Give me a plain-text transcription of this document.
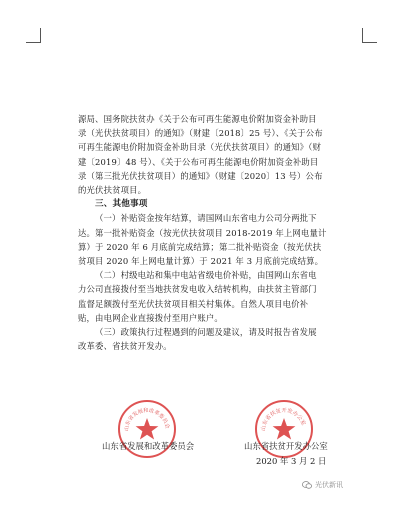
源局、国务院扶贫办《关于公布可再生能源电价附加资金补助目

录（光伏扶贫项目）的通知》（财建〔2018〕25 号）、《关于公布

可再生能源电价附加资金补助目录（光伏扶贫项目）的通知》（财

建〔2019〕48 号）、《关于公布可再生能源电价附加资金补助目

录（第三批光伏扶贫项目）的通知》（财建〔2020〕13 号）公布

的光伏扶贫项目。

三、其他事项

（一）补贴资金按年结算，请国网山东省电力公司分两批下

达。第一批补贴资金（按光伏扶贫项目 2018-2019 年上网电量计

算）于 2020 年 6 月底前完成结算；第二批补贴资金（按光伏扶

贫项目 2020 年上网电量计算）于 2021 年 3 月底前完成结算。

（二）村级电站和集中电站省级电价补贴，由国网山东省电

力公司直接拨付至当地扶贫发电收入结转机构，由扶贫主管部门

监督足额拨付至光伏扶贫项目相关村集体。自然人项目电价补

贴，由电网企业直接拨付至用户账户。

（三）政策执行过程遇到的问题及建议，请及时报告省发展

改革委、省扶贫开发办。

山东省发展和改革委员会	山东省扶贫开发办公室
山东省发展和改革委员会	山东省扶贫开发办公室
2020 年 3 月 2 日
光伏新讯
